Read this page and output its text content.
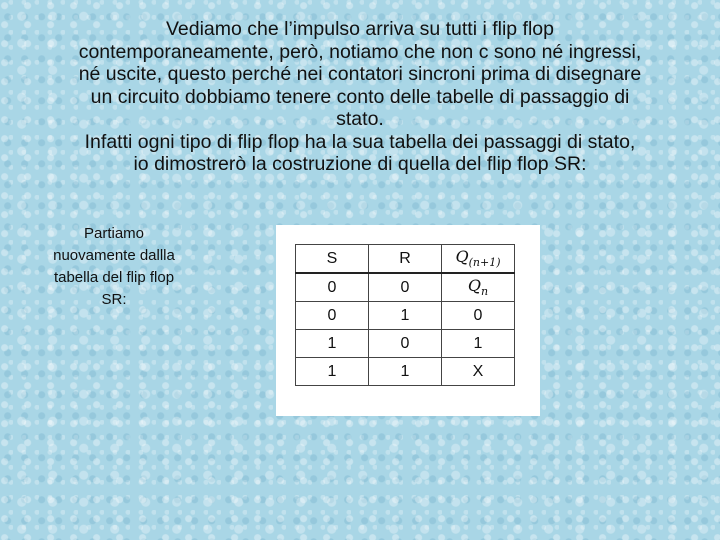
Vediamo che l’impulso arriva su tutti i flip flop
contemporaneamente, però, notiamo che non c sono né ingressi,
né uscite, questo perché nei contatori sincroni prima di disegnare
un circuito dobbiamo tenere conto delle tabelle di passaggio di
stato.
Infatti ogni tipo di flip flop ha la sua tabella dei passaggi di stato,
io dimostrerò la costruzione di quella del flip flop SR:
Partiamo
nuovamente dallla
tabella del flip flop
SR:
S	R	$Q_{(n+1)}$
0	0	$Q_n$
0	1	0
1	0	1
1	1	X
